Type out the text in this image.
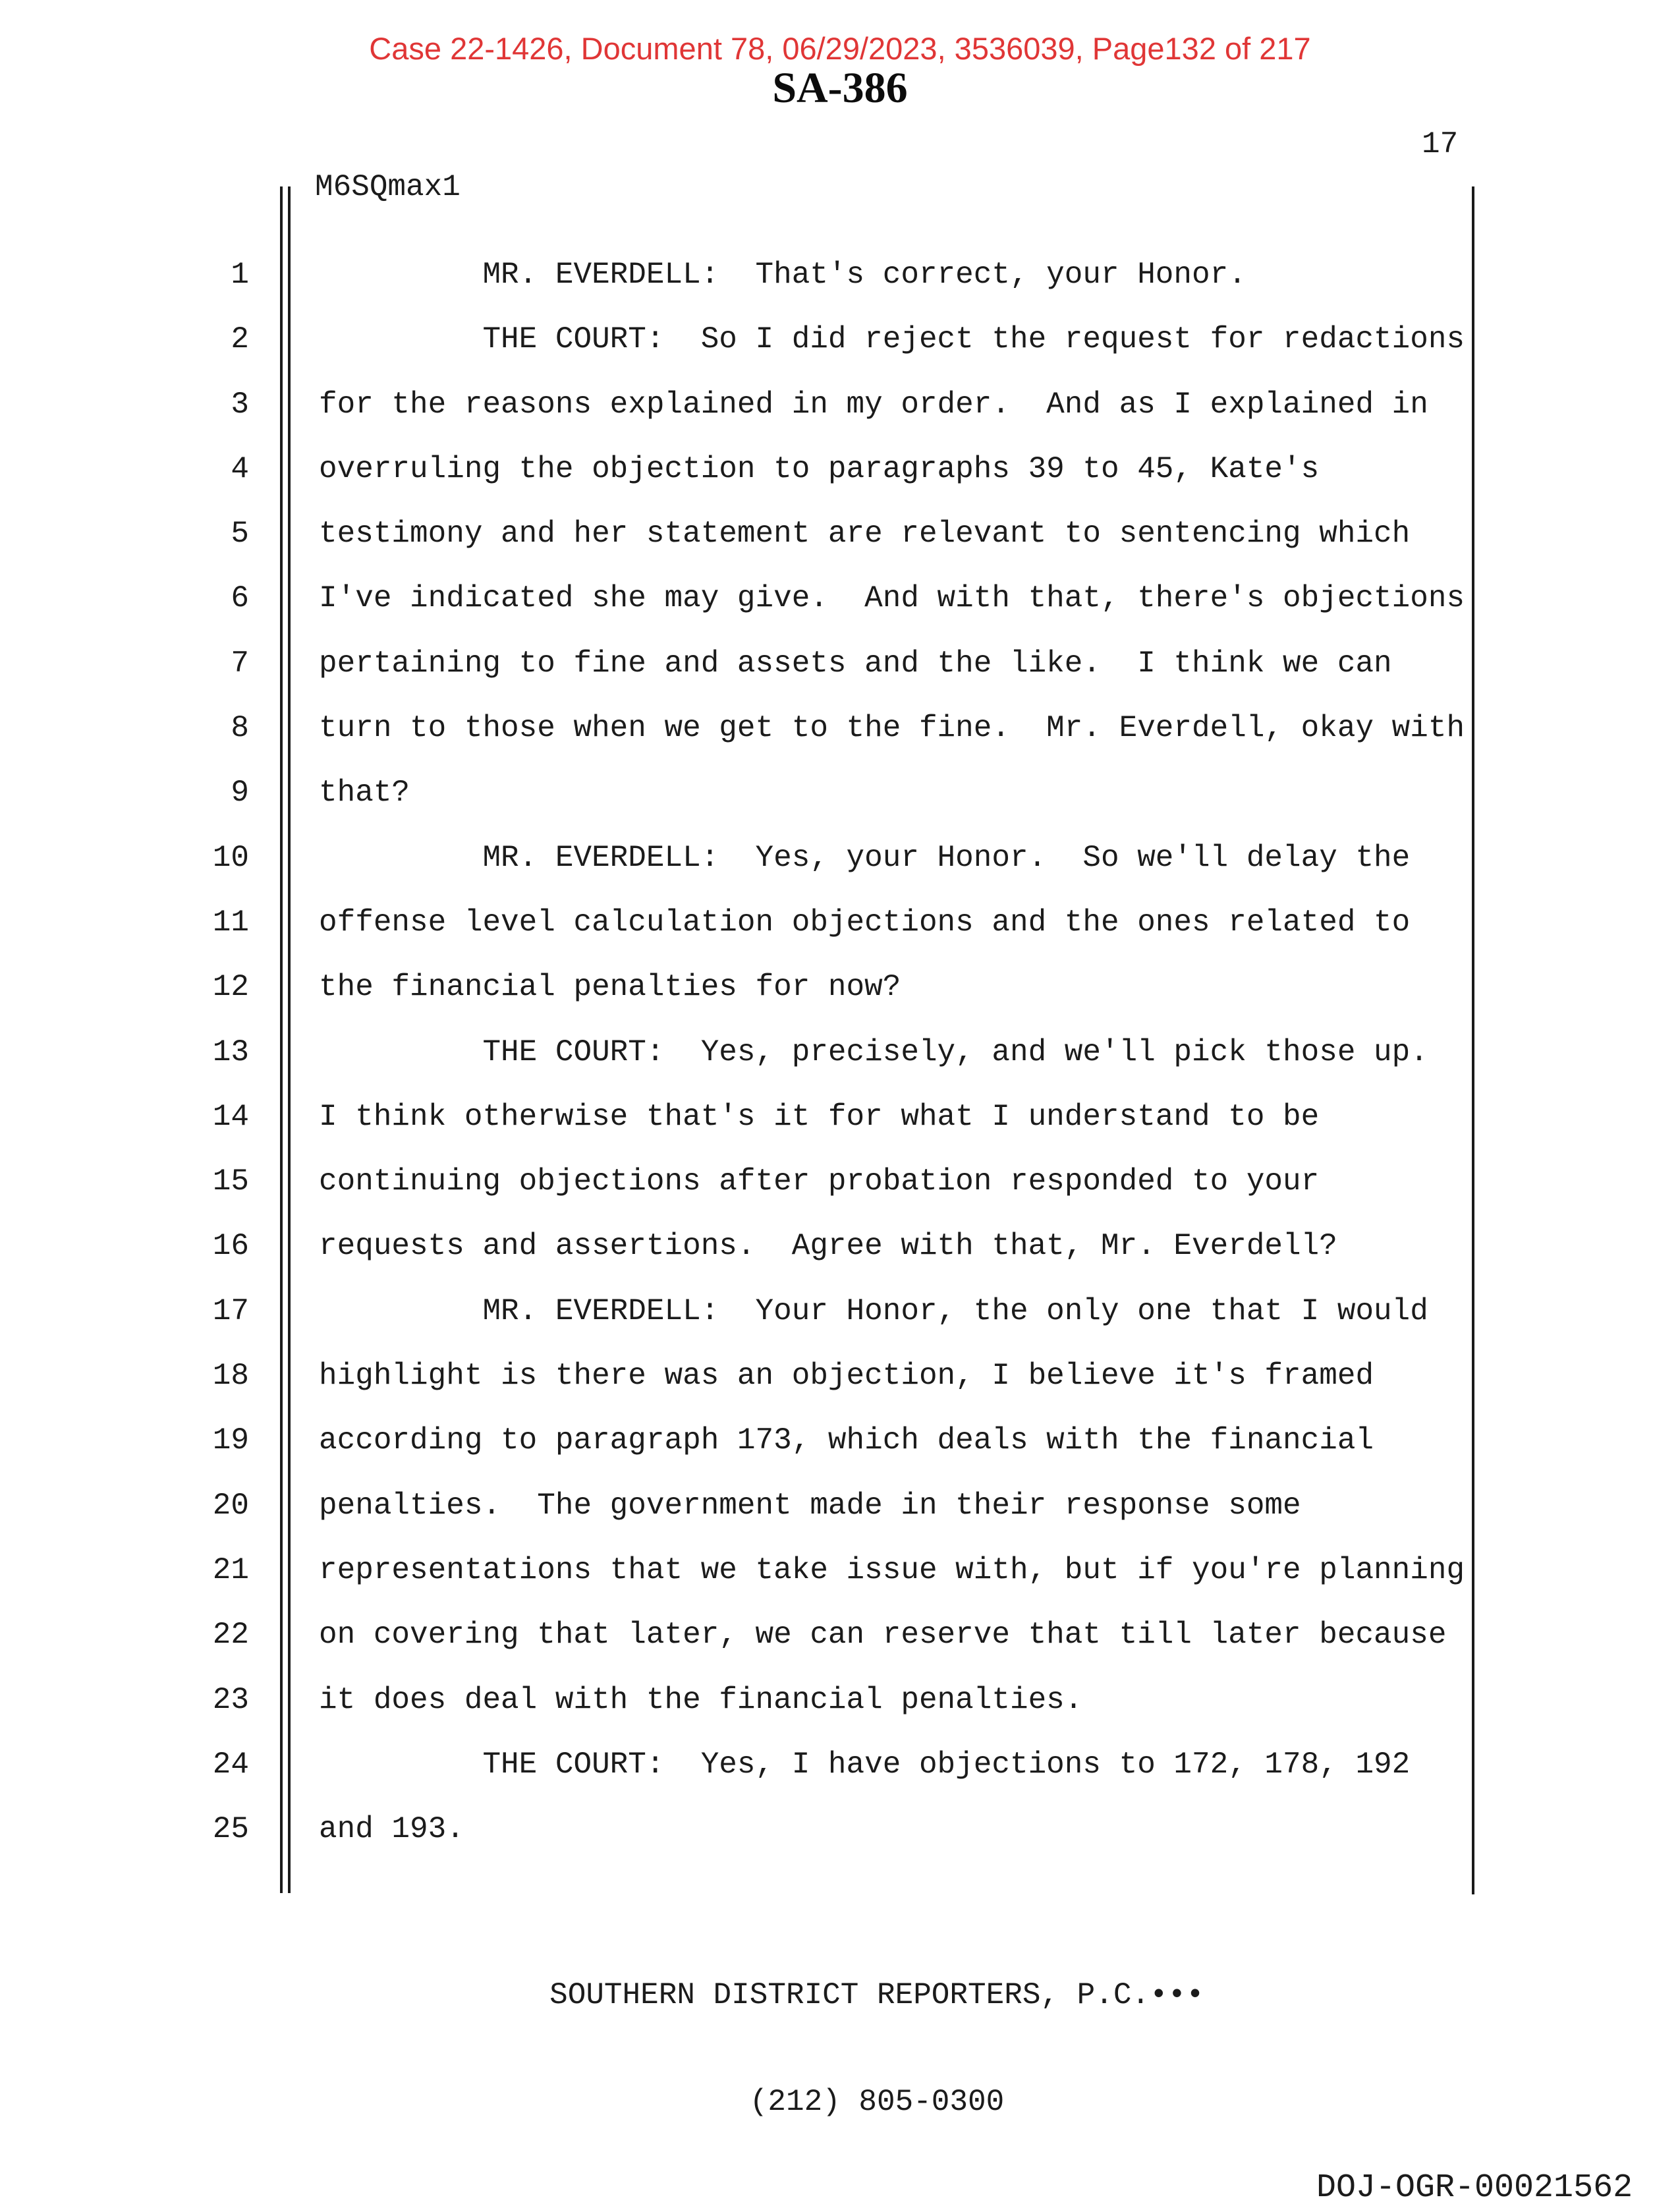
Case 22-1426, Document 78, 06/29/2023, 3536039, Page132 of 217
SA-386
17
M6SQmax1
1 MR. EVERDELL:  That's correct, your Honor.
2 THE COURT:  So I did reject the request for redactions
3 for the reasons explained in my order.  And as I explained in
4 overruling the objection to paragraphs 39 to 45, Kate's
5 testimony and her statement are relevant to sentencing which
6 I've indicated she may give.  And with that, there's objections
7 pertaining to fine and assets and the like.  I think we can
8 turn to those when we get to the fine.  Mr. Everdell, okay with
9 that?
10 MR. EVERDELL:  Yes, your Honor.  So we'll delay the
11 offense level calculation objections and the ones related to
12 the financial penalties for now?
13 THE COURT:  Yes, precisely, and we'll pick those up.
14 I think otherwise that's it for what I understand to be
15 continuing objections after probation responded to your
16 requests and assertions.  Agree with that, Mr. Everdell?
17 MR. EVERDELL:  Your Honor, the only one that I would
18 highlight is there was an objection, I believe it's framed
19 according to paragraph 173, which deals with the financial
20 penalties.  The government made in their response some
21 representations that we take issue with, but if you're planning
22 on covering that later, we can reserve that till later because
23 it does deal with the financial penalties.
24 THE COURT:  Yes, I have objections to 172, 178, 192
25 and 193.

SOUTHERN DISTRICT REPORTERS, P.C.•••

(212) 805-0300

DOJ-OGR-00021562
